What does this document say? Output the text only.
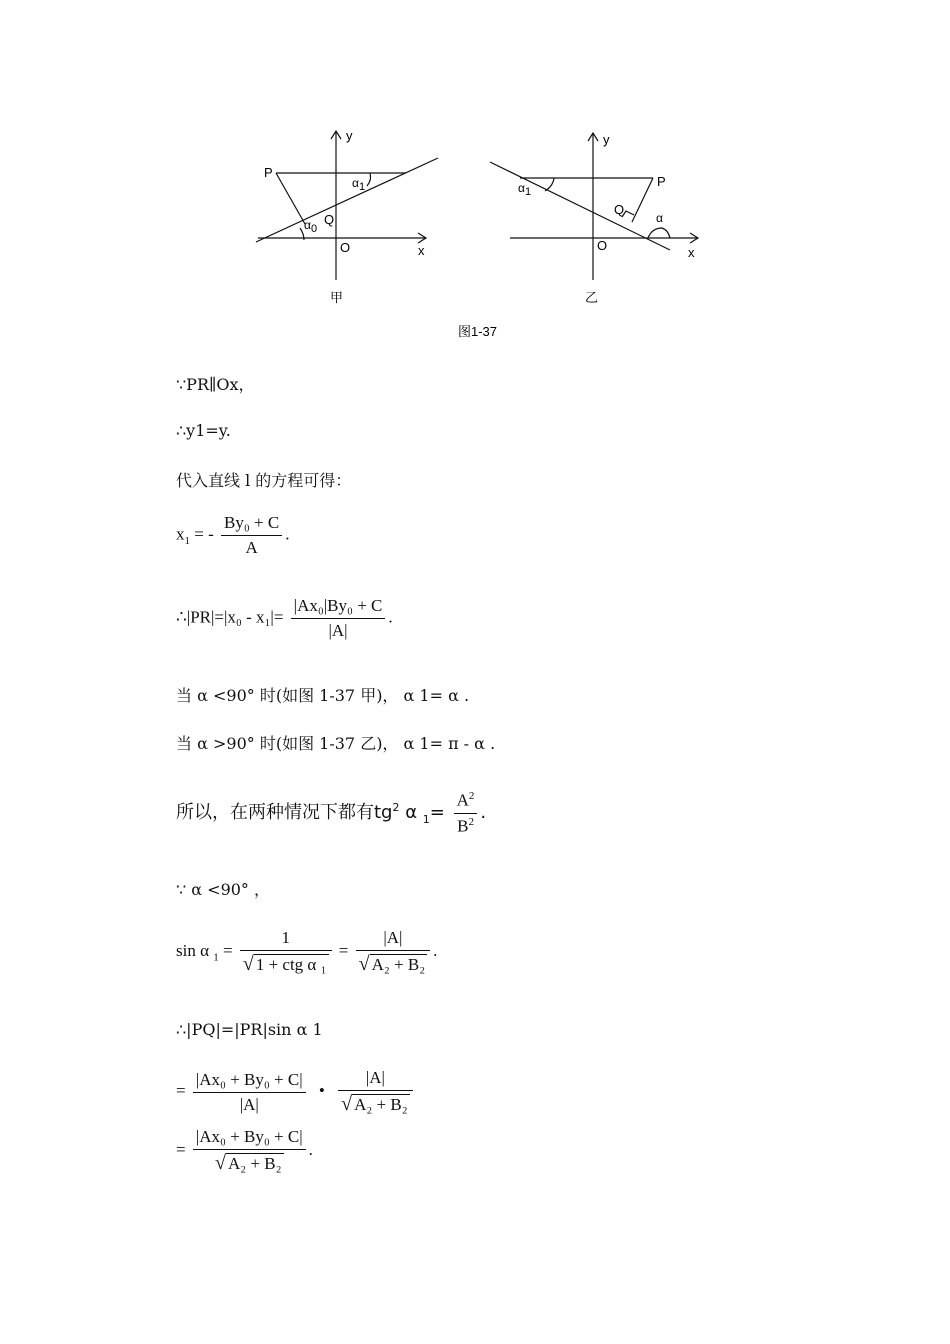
y
x
P
Q
O
α1
α0
甲
y
x
P
Q
O
α1
α
乙
图1-37
∵PR∥Ox，
∴y1=y.
代入直线 l 的方程可得：
$x_1$ = - $\frac{\text{By₀ + C}}{A}$ .
∴|PR|=|x₀ - $x_1|= \frac{\text{|Ax₀|By₀ + C}}{|A|}$ .
当 α <90° 时(如图 1-37 甲)， α 1= α .
当 α >90° 时(如图 1-37 乙)， α 1= π - α .
所以，在两种情况下都有$tg^2$ α $_1= \frac{A^2}{B^2}$ .
∵ α <90° ，
sin α $_1 = \frac{1}{\text{√ 1 + ctg α ₁}} = \frac{|A|}{\text{√ A₂ + B₂}}$ .
∴|PQ|=|PR|sin α 1
= $\frac{\text{|Ax₀ + By₀ + C|}}{|A|}$ • $\frac{|A|}{\text{√ A₂ + B₂}}$
= $\frac{\text{|Ax₀ + By₀ + C|}}{\text{√ A₂ + B₂}}$ .
